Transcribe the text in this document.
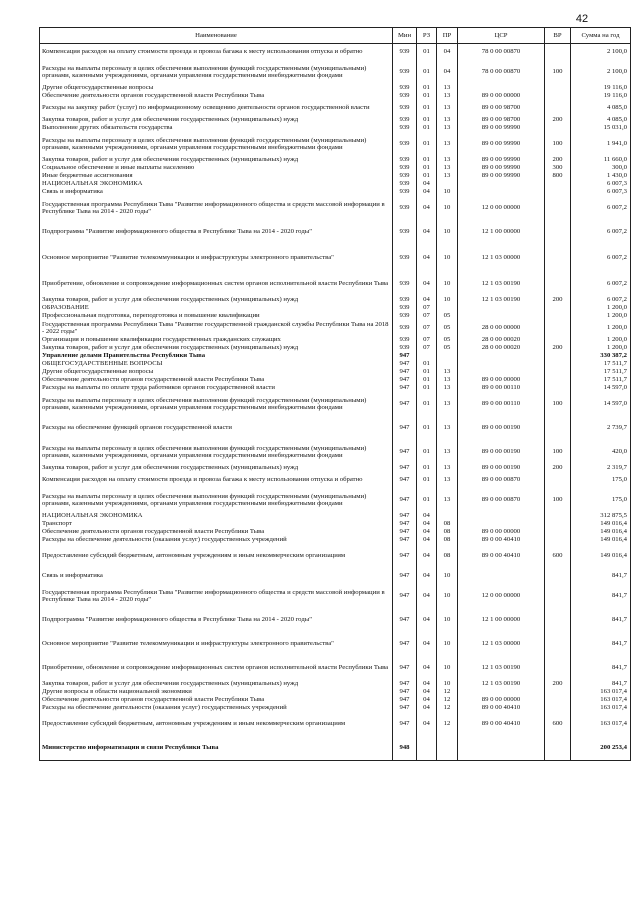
42
Наименование	Мин	РЗ	ПР	ЦСР	ВР	Сумма на год
Компенсация расходов на оплату стоимости проезда и провоза багажа к месту использования отпуска и обратно	939	01	04	78 0 00 00870		2 100,0
Расходы на выплаты персоналу в целях обеспечения выполнения функций государственными (муниципальными) органами, казенными учреждениями, органами управления государственными внебюджетными фондами	939	01	04	78 0 00 00870	100	2 100,0
Другие общегосударственные вопросы	939	01	13			19 116,0
Обеспечение деятельности органов государственной власти Республики Тыва	939	01	13	89 0 00 00000		19 116,0
Расходы на закупку работ (услуг) по информационному освещению деятельности органов государственной власти	939	01	13	89 0 00 98700		4 085,0
Закупка товаров, работ и услуг для обеспечения государственных (муниципальных) нужд	939	01	13	89 0 00 98700	200	4 085,0
Выполнение других обязательств государства	939	01	13	89 0 00 99990		15 031,0
Расходы на выплаты персоналу в целях обеспечения выполнения функций государственными (муниципальными) органами, казенными учреждениями, органами управления государственными внебюджетными фондами	939	01	13	89 0 00 99990	100	1 941,0
Закупка товаров, работ и услуг для обеспечения государственных (муниципальных) нужд	939	01	13	89 0 00 99990	200	11 660,0
Социальное обеспечение и иные выплаты населению	939	01	13	89 0 00 99990	300	300,0
Иные бюджетные ассигнования	939	01	13	89 0 00 99990	800	1 430,0
НАЦИОНАЛЬНАЯ ЭКОНОМИКА	939	04				6 007,3
Связь и информатика	939	04	10			6 007,3
Государственная программа Республики Тыва "Развитие информационного общества и средств массовой информации в Республике Тыва на 2014 - 2020 годы"	939	04	10	12 0 00 00000		6 007,2
Подпрограмма "Развитие информационного общества в Республике Тыва на 2014 - 2020 годы"	939	04	10	12 1 00 00000		6 007,2
Основное мероприятие "Развитие телекоммуникации и инфраструктуры электронного правительства"	939	04	10	12 1 03 00000		6 007,2
Приобретение, обновление и сопровождение информационных систем органов исполнительной власти Республики Тыва	939	04	10	12 1 03 00190		6 007,2
Закупка товаров, работ и услуг для обеспечения государственных (муниципальных) нужд	939	04	10	12 1 03 00190	200	6 007,2
ОБРАЗОВАНИЕ	939	07				1 200,0
Профессиональная подготовка, переподготовка и повышение квалификации	939	07	05			1 200,0
Государственная программа Республики Тыва "Развитие государственной гражданской службы Республики Тыва на 2018 - 2022 годы"	939	07	05	28 0 00 00000		1 200,0
Организация и повышение квалификации государственных гражданских служащих	939	07	05	28 0 00 00020		1 200,0
Закупка товаров, работ и услуг для обеспечения государственных (муниципальных) нужд	939	07	05	28 0 00 00020	200	1 200,0
Управление делами Правительства Республики Тыва	947					330 387,2
ОБЩЕГОСУДАРСТВЕННЫЕ ВОПРОСЫ	947	01				17 511,7
Другие общегосударственные вопросы	947	01	13			17 511,7
Обеспечение деятельности органов государственной власти Республики Тыва	947	01	13	89 0 00 00000		17 511,7
Расходы на выплаты по оплате труда работников органов государственной власти	947	01	13	89 0 00 00110		14 597,0
Расходы на выплаты персоналу в целях обеспечения выполнения функций государственными (муниципальными) органами, казенными учреждениями, органами управления государственными внебюджетными фондами	947	01	13	89 0 00 00110	100	14 597,0
Расходы на обеспечение функций органов государственной власти	947	01	13	89 0 00 00190		2 739,7
Расходы на выплаты персоналу в целях обеспечения выполнения функций государственными (муниципальными) органами, казенными учреждениями, органами управления государственными внебюджетными фондами	947	01	13	89 0 00 00190	100	420,0
Закупка товаров, работ и услуг для обеспечения государственных (муниципальных) нужд	947	01	13	89 0 00 00190	200	2 319,7
Компенсация расходов на оплату стоимости проезда и провоза багажа к месту использования отпуска и обратно	947	01	13	89 0 00 00870		175,0
Расходы на выплаты персоналу в целях обеспечения выполнения функций государственными (муниципальными) органами, казенными учреждениями, органами управления государственными внебюджетными фондами	947	01	13	89 0 00 00870	100	175,0
НАЦИОНАЛЬНАЯ ЭКОНОМИКА	947	04				312 875,5
Транспорт	947	04	08			149 016,4
Обеспечение деятельности органов государственной власти Республики Тыва	947	04	08	89 0 00 00000		149 016,4
Расходы на обеспечение деятельности (оказания услуг) государственных учреждений	947	04	08	89 0 00 40410		149 016,4
Предоставление субсидий бюджетным, автономным учреждениям и иным некоммерческим организациям	947	04	08	89 0 00 40410	600	149 016,4
Связь и информатика	947	04	10			841,7
Государственная программа Республики Тыва "Развитие информационного общества и средств массовой информации в Республике Тыва на 2014 - 2020 годы"	947	04	10	12 0 00 00000		841,7
Подпрограмма "Развитие информационного общества в Республике Тыва на 2014 - 2020 годы"	947	04	10	12 1 00 00000		841,7
Основное мероприятие "Развитие телекоммуникации и инфраструктуры электронного правительства"	947	04	10	12 1 03 00000		841,7
Приобретение, обновление и сопровождение информационных систем органов исполнительной власти Республики Тыва	947	04	10	12 1 03 00190		841,7
Закупка товаров, работ и услуг для обеспечения государственных (муниципальных) нужд	947	04	10	12 1 03 00190	200	841,7
Другие вопросы в области национальной экономики	947	04	12			163 017,4
Обеспечение деятельности органов государственной власти Республики Тыва	947	04	12	89 0 00 00000		163 017,4
Расходы на обеспечение деятельности (оказания услуг) государственных учреждений	947	04	12	89 0 00 40410		163 017,4
Предоставление субсидий бюджетным, автономным учреждениям и иным некоммерческим организациям	947	04	12	89 0 00 40410	600	163 017,4
Министерство информатизации и связи Республики Тыва	948					200 253,4
